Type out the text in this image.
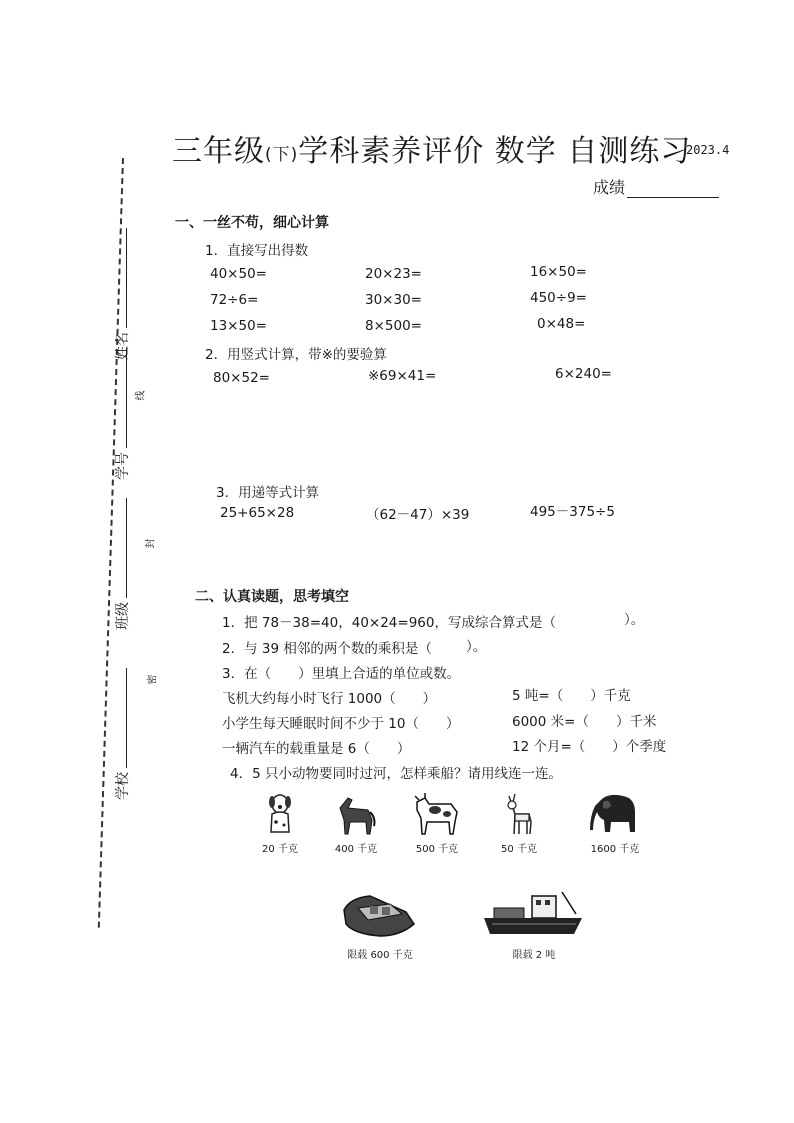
姓名
学号
班级
学校
线
封
密
三年级(下)学科素养评价 数学 自测练习
2023.4
成绩
一、一丝不苟，细心计算
1．直接写出得数
40×50=	20×23=	16×50=
72÷6=	30×30=	450÷9=
13×50=	8×500=	0×48=
2．用竖式计算，带※的要验算
80×52=	※69×41=	6×240=
3．用递等式计算
25+65×28	（62－47）×39	495－375÷5
二、认真读题，思考填空
1．把 78－38=40，40×24=960，写成综合算式是（	）。
2．与 39 相邻的两个数的乘积是（	）。
3．在（　　）里填上合适的单位或数。
飞机大约每小时飞行 1000（　　）	5 吨=（　　）千克
小学生每天睡眠时间不少于 10（　　）	6000 米=（　　）千米
一辆汽车的载重量是 6（　　）	12 个月=（　　）个季度
4．5 只小动物要同时过河，怎样乘船？请用线连一连。
20 千克	400 千克	500 千克	50 千克	1600 千克
限载 600 千克	限载 2 吨
